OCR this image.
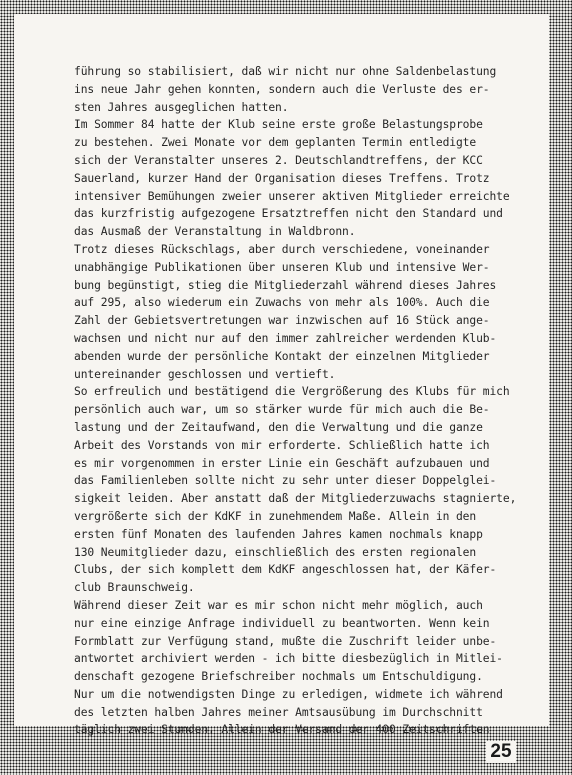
führung so stabilisiert, daß wir nicht nur ohne Saldenbelastung
ins neue Jahr gehen konnten, sondern auch die Verluste des er-
sten Jahres ausgeglichen hatten.
Im Sommer 84 hatte der Klub seine erste große Belastungsprobe
zu bestehen. Zwei Monate vor dem geplanten Termin entledigte
sich der Veranstalter unseres 2. Deutschlandtreffens, der KCC
Sauerland, kurzer Hand der Organisation dieses Treffens. Trotz
intensiver Bemühungen zweier unserer aktiven Mitglieder erreichte
das kurzfristig aufgezogene Ersatztreffen nicht den Standard und
das Ausmaß der Veranstaltung in Waldbronn.
Trotz dieses Rückschlags, aber durch verschiedene, voneinander
unabhängige Publikationen über unseren Klub und intensive Wer-
bung begünstigt, stieg die Mitgliederzahl während dieses Jahres
auf 295, also wiederum ein Zuwachs von mehr als 100%. Auch die
Zahl der Gebietsvertretungen war inzwischen auf 16 Stück ange-
wachsen und nicht nur auf den immer zahlreicher werdenden Klub-
abenden wurde der persönliche Kontakt der einzelnen Mitglieder
untereinander geschlossen und vertieft.
So erfreulich und bestätigend die Vergrößerung des Klubs für mich
persönlich auch war, um so stärker wurde für mich auch die Be-
lastung und der Zeitaufwand, den die Verwaltung und die ganze
Arbeit des Vorstands von mir erforderte. Schließlich hatte ich
es mir vorgenommen in erster Linie ein Geschäft aufzubauen und
das Familienleben sollte nicht zu sehr unter dieser Doppelglei-
sigkeit leiden. Aber anstatt daß der Mitgliederzuwachs stagnierte,
vergrößerte sich der KdKF in zunehmendem Maße. Allein in den
ersten fünf Monaten des laufenden Jahres kamen nochmals knapp
130 Neumitglieder dazu, einschließlich des ersten regionalen
Clubs, der sich komplett dem KdKF angeschlossen hat, der Käfer-
club Braunschweig.
Während dieser Zeit war es mir schon nicht mehr möglich, auch
nur eine einzige Anfrage individuell zu beantworten. Wenn kein
Formblatt zur Verfügung stand, mußte die Zuschrift leider unbe-
antwortet archiviert werden - ich bitte diesbezüglich in Mitlei-
denschaft gezogene Briefschreiber nochmals um Entschuldigung.
Nur um die notwendigsten Dinge zu erledigen, widmete ich während
des letzten halben Jahres meiner Amtsausübung im Durchschnitt
täglich zwei Stunden. Allein der Versand der 400 Zeitschriften
25
